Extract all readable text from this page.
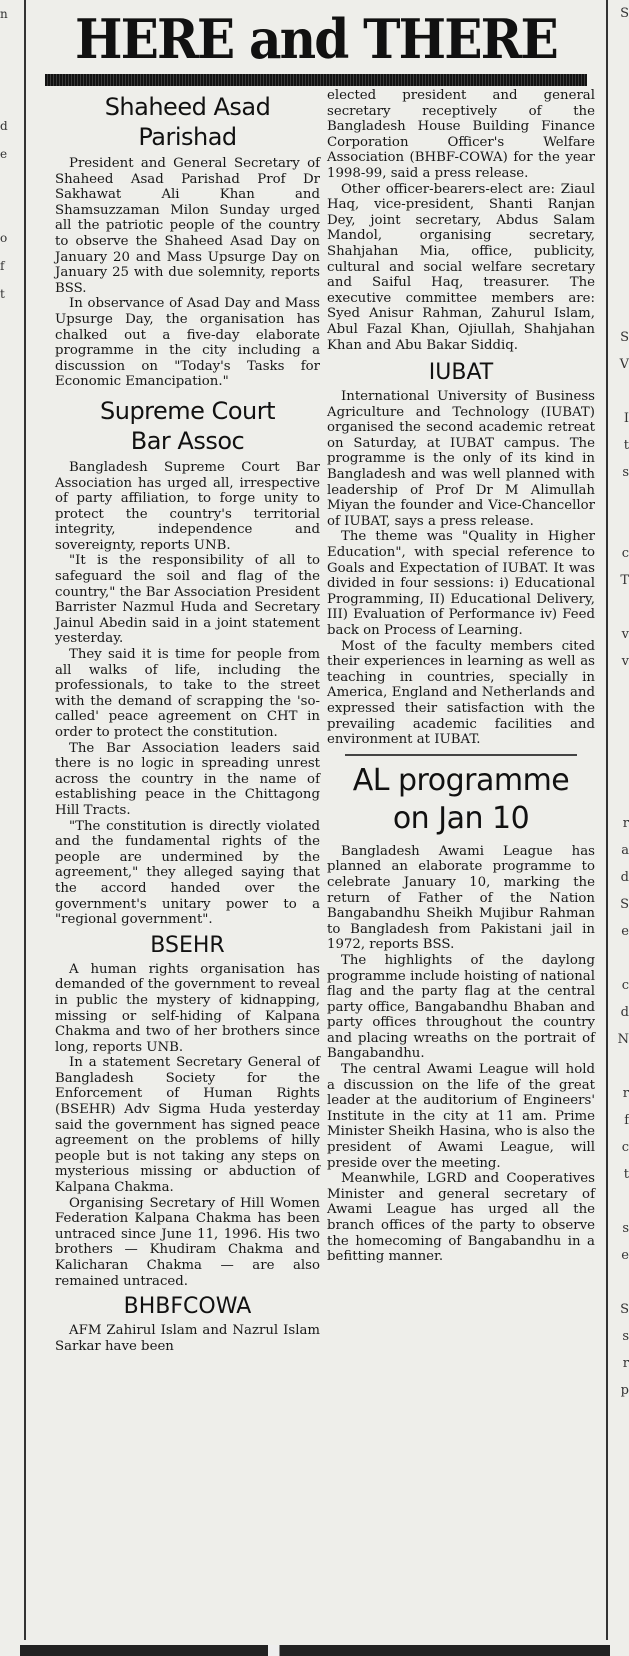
n

d
e

o
f
t

S

S
V

I
t
s

c
T

v
v

r
a
d
S
e

c
d
N

r
f
c
t

s
e

S
s
r
p
HERE and THERE
Shaheed Asad
Parishad

President and General Secretary of Shaheed Asad Parishad Prof Dr Sakhawat Ali Khan and Shamsuzzaman Milon Sunday urged all the patriotic people of the country to observe the Shaheed Asad Day on January 20 and Mass Upsurge Day on January 25 with due solemnity, reports BSS.

In observance of Asad Day and Mass Upsurge Day, the organisation has chalked out a five-day elaborate programme in the city including a discussion on "Today's Tasks for Economic Emancipation."

Supreme Court
Bar Assoc

Bangladesh Supreme Court Bar Association has urged all, irrespective of party affiliation, to forge unity to protect the country's territorial integrity, independence and sovereignty, reports UNB.

"It is the responsibility of all to safeguard the soil and flag of the country," the Bar Association President Barrister Nazmul Huda and Secretary Jainul Abedin said in a joint statement yesterday.

They said it is time for people from all walks of life, including the professionals, to take to the street with the demand of scrapping the 'so-called' peace agreement on CHT in order to protect the constitution.

The Bar Association leaders said there is no logic in spreading unrest across the country in the name of establishing peace in the Chittagong Hill Tracts.

"The constitution is directly violated and the fundamental rights of the people are undermined by the agreement," they alleged saying that the accord handed over the government's unitary power to a "regional government".

BSEHR

A human rights organisation has demanded of the government to reveal in public the mystery of kidnapping, missing or self-hiding of Kalpana Chakma and two of her brothers since long, reports UNB.

In a statement Secretary General of Bangladesh Society for the Enforcement of Human Rights (BSEHR) Adv Sigma Huda yesterday said the government has signed peace agreement on the problems of hilly people but is not taking any steps on mysterious missing or abduction of Kalpana Chakma.

Organising Secretary of Hill Women Federation Kalpana Chakma has been untraced since June 11, 1996. His two brothers — Khudiram Chakma and Kalicharan Chakma — are also remained untraced.

BHBFCOWA

AFM Zahirul Islam and Nazrul Islam Sarkar have been

elected president and general secretary receptively of the Bangladesh House Building Finance Corporation Officer's Welfare Association (BHBF-COWA) for the year 1998-99, said a press release.

Other officer-bearers-elect are: Ziaul Haq, vice-president, Shanti Ranjan Dey, joint secretary, Abdus Salam Mandol, organising secretary, Shahjahan Mia, office, publicity, cultural and social welfare secretary and Saiful Haq, treasurer. The executive committee members are: Syed Anisur Rahman, Zahurul Islam, Abul Fazal Khan, Ojiullah, Shahjahan Khan and Abu Bakar Siddiq.

IUBAT

International University of Business Agriculture and Technology (IUBAT) organised the second academic retreat on Saturday, at IUBAT campus. The programme is the only of its kind in Bangladesh and was well planned with leadership of Prof Dr M Alimullah Miyan the founder and Vice-Chancellor of IUBAT, says a press release.

The theme was "Quality in Higher Education", with special reference to Goals and Expectation of IUBAT. It was divided in four sessions: i) Educational Programming, II) Educational Delivery, III) Evaluation of Performance iv) Feed back on Process of Learning.

Most of the faculty members cited their experiences in learning as well as teaching in countries, specially in America, England and Netherlands and expressed their satisfaction with the prevailing academic facilities and environment at IUBAT.

AL programme
on Jan 10

Bangladesh Awami League has planned an elaborate programme to celebrate January 10, marking the return of Father of the Nation Bangabandhu Sheikh Mujibur Rahman to Bangladesh from Pakistani jail in 1972, reports BSS.

The highlights of the daylong programme include hoisting of national flag and the party flag at the central party office, Bangabandhu Bhaban and party offices throughout the country and placing wreaths on the portrait of Bangabandhu.

The central Awami League will hold a discussion on the life of the great leader at the auditorium of Engineers' Institute in the city at 11 am. Prime Minister Sheikh Hasina, who is also the president of Awami League, will preside over the meeting.

Meanwhile, LGRD and Cooperatives Minister and general secretary of Awami League has urged all the branch offices of the party to observe the homecoming of Bangabandhu in a befitting manner.
